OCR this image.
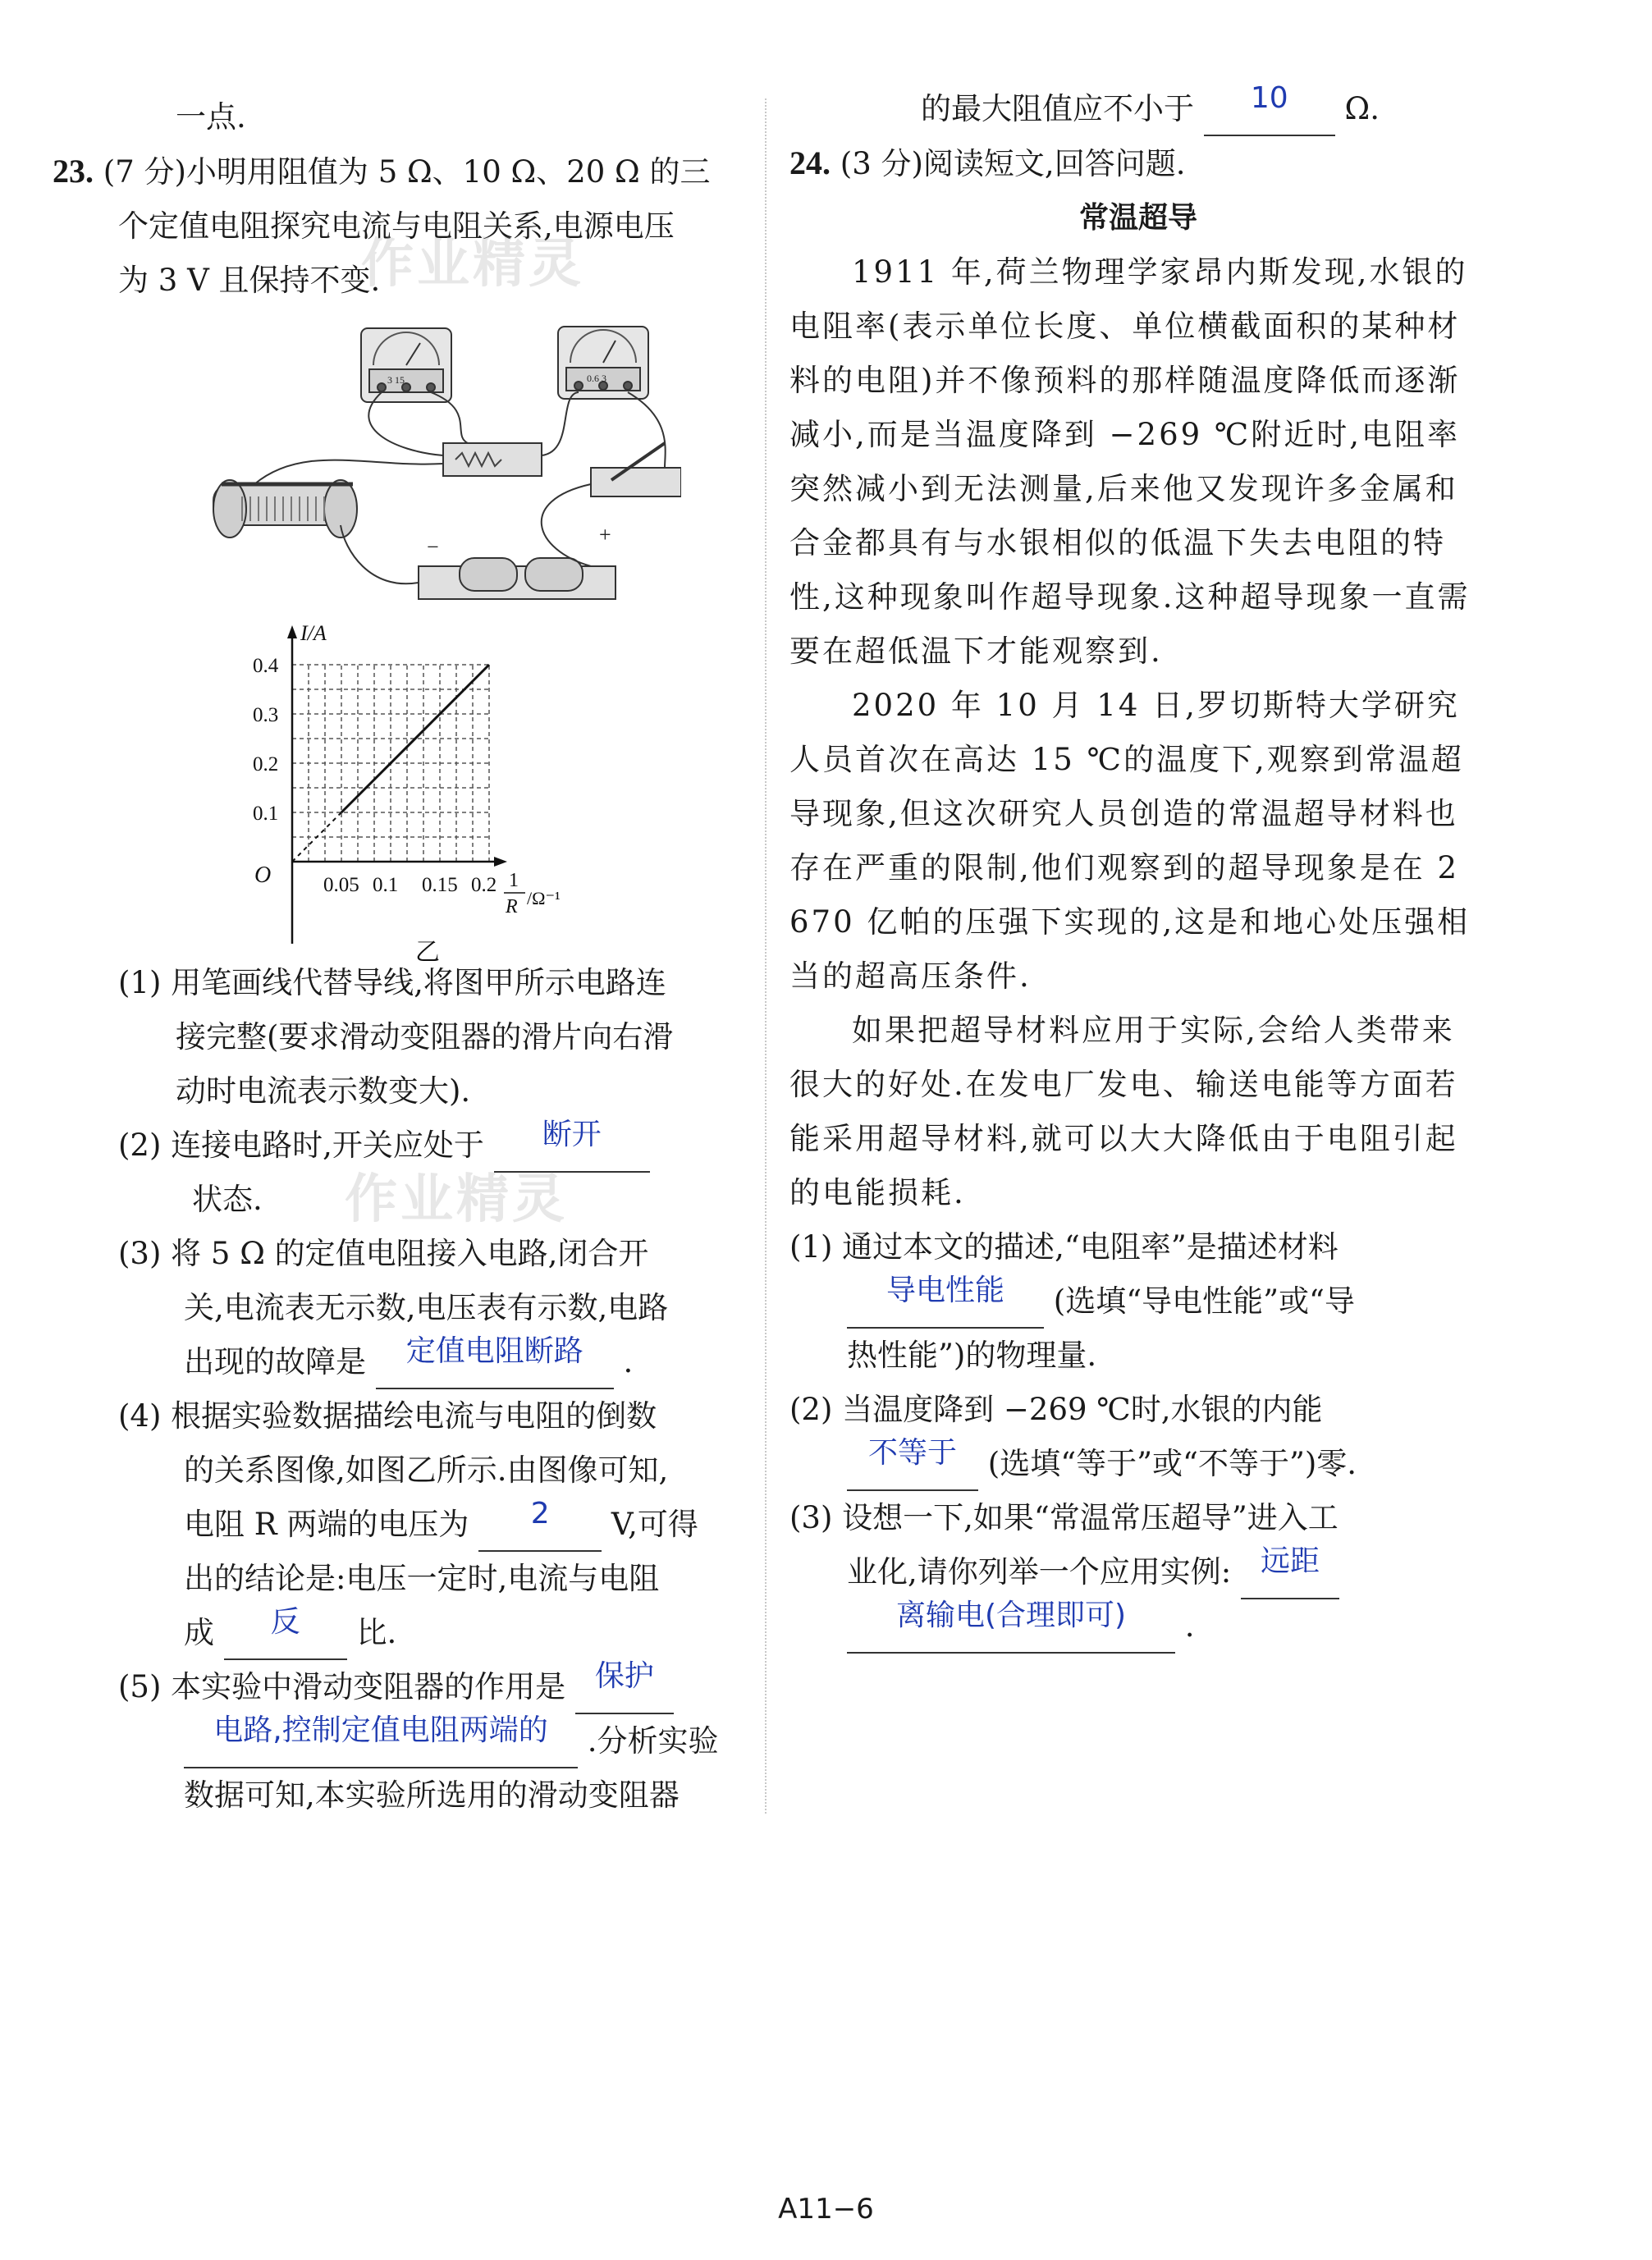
一点.
23. (7 分)小明用阻值为 5 Ω、10 Ω、20 Ω 的三
个定值电阻探究电流与电阻关系,电源电压
为 3 V 且保持不变.
(1) 用笔画线代替导线,将图甲所示电路连
接完整(要求滑动变阻器的滑片向右滑
动时电流表示数变大).
(2) 连接电路时,开关应处于 断开
状态.
(3) 将 5 Ω 的定值电阻接入电路,闭合开
关,电流表无示数,电压表有示数,电路
出现的故障是 定值电阻断路 .
(4) 根据实验数据描绘电流与电阻的倒数
的关系图像,如图乙所示.由图像可知,
电阻 R 两端的电压为 2 V,可得
出的结论是:电压一定时,电流与电阻
成 反 比.
(5) 本实验中滑动变阻器的作用是 保护
电路,控制定值电阻两端的 .分析实验
数据可知,本实验所选用的滑动变阻器
3 15	0.6 3
−
+
0.4
0.3
0.2
0.1
0.05 0.1 0.15 0.2
I/A
O	1
R /Ω⁻¹
乙
的最大阻值应不小于 10 Ω.
24. (3 分)阅读短文,回答问题.
常温超导
1911 年,荷兰物理学家昂内斯发现,水银的电阻率(表示单位长度、单位横截面积的某种材料的电阻)并不像预料的那样随温度降低而逐渐减小,而是当温度降到 −269 ℃附近时,电阻率突然减小到无法测量,后来他又发现许多金属和合金都具有与水银相似的低温下失去电阻的特性,这种现象叫作超导现象.这种超导现象一直需要在超低温下才能观察到.
2020 年 10 月 14 日,罗切斯特大学研究人员首次在高达 15 ℃的温度下,观察到常温超导现象,但这次研究人员创造的常温超导材料也存在严重的限制,他们观察到的超导现象是在 2 670 亿帕的压强下实现的,这是和地心处压强相当的超高压条件.
如果把超导材料应用于实际,会给人类带来很大的好处.在发电厂发电、输送电能等方面若能采用超导材料,就可以大大降低由于电阻引起的电能损耗.
(1) 通过本文的描述,“电阻率”是描述材料
导电性能 (选填“导电性能”或“导
热性能”)的物理量.
(2) 当温度降到 −269 ℃时,水银的内能
不等于 (选填“等于”或“不等于”)零.
(3) 设想一下,如果“常温常压超导”进入工
业化,请你列举一个应用实例: 远距
离输电(合理即可) .
作业精灵
作业精灵
A11−6
